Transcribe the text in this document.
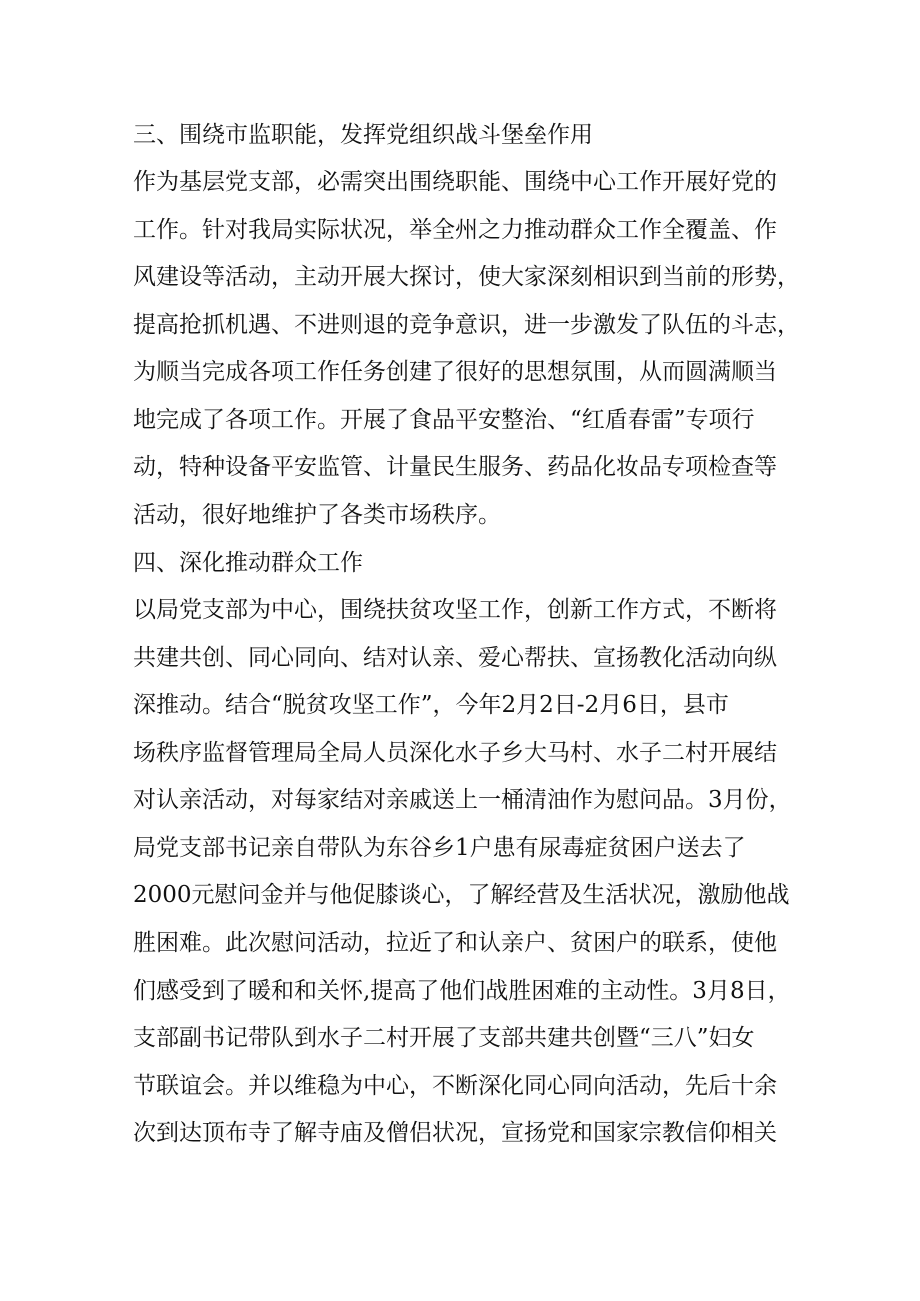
三、围绕市监职能，发挥党组织战斗堡垒作用
作为基层党支部，必需突出围绕职能、围绕中心工作开展好党的
工作。针对我局实际状况，举全州之力推动群众工作全覆盖、作
风建设等活动，主动开展大探讨，使大家深刻相识到当前的形势，
提高抢抓机遇、不进则退的竞争意识，进一步激发了队伍的斗志，
为顺当完成各项工作任务创建了很好的思想氛围，从而圆满顺当
地完成了各项工作。开展了食品平安整治、“红盾春雷”专项行
动，特种设备平安监管、计量民生服务、药品化妆品专项检查等
活动，很好地维护了各类市场秩序。
四、深化推动群众工作
以局党支部为中心，围绕扶贫攻坚工作，创新工作方式，不断将
共建共创、同心同向、结对认亲、爱心帮扶、宣扬教化活动向纵
深推动。结合“脱贫攻坚工作”，今年2月2日-2月6日，县市
场秩序监督管理局全局人员深化水子乡大马村、水子二村开展结
对认亲活动，对每家结对亲戚送上一桶清油作为慰问品。3月份，
局党支部书记亲自带队为东谷乡1户患有尿毒症贫困户送去了
2000元慰问金并与他促膝谈心，了解经营及生活状况，激励他战
胜困难。此次慰问活动，拉近了和认亲户、贫困户的联系，使他
们感受到了暖和和关怀,提高了他们战胜困难的主动性。3月8日，
支部副书记带队到水子二村开展了支部共建共创暨“三八”妇女
节联谊会。并以维稳为中心，不断深化同心同向活动，先后十余
次到达顶布寺了解寺庙及僧侣状况，宣扬党和国家宗教信仰相关
